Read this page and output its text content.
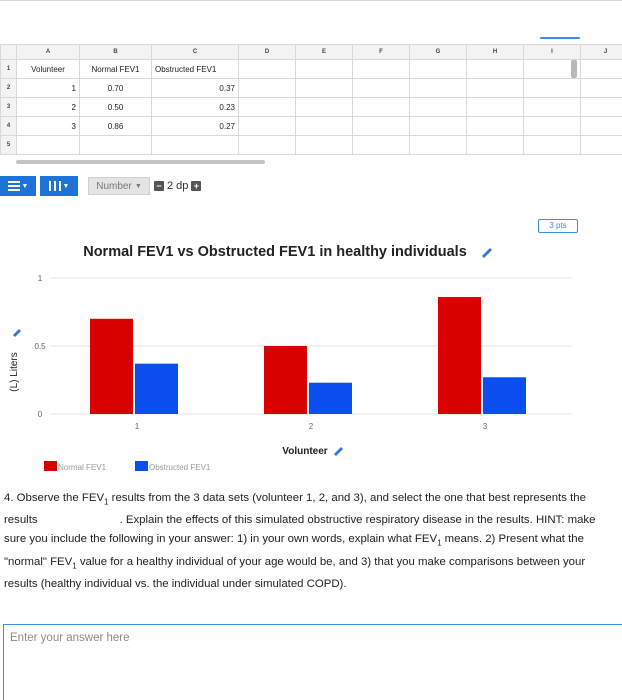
	A	B	C	D	E	F	G	H	I	J
1	Volunteer	Normal FEV1	Obstructed FEV1							
2	1	0.70	0.37							
3	2	0.50	0.23							
4	3	0.86	0.27							
5										
▼	▼	Number ▼ − 2 dp +
3 pts
Normal FEV1 vs Obstructed FEV1 in healthy individuals
0
0.5
1
1	2	3
(L) Liters
Volunteer
Normal FEV1	Obstructed FEV1
4. Observe the $FEV_1$ results from the 3 data sets (volunteer 1, 2, and 3), and select the one that best represents the results	. Explain the effects of this simulated obstructive respiratory disease in the results. HINT: make sure you include the following in your answer: 1) in your own words, explain what $FEV_1$ means. 2) Present what the "normal" $FEV_1$ value for a healthy individual of your age would be, and 3) that you make comparisons between your results (healthy individual vs. the individual under simulated COPD).
Enter your answer here
